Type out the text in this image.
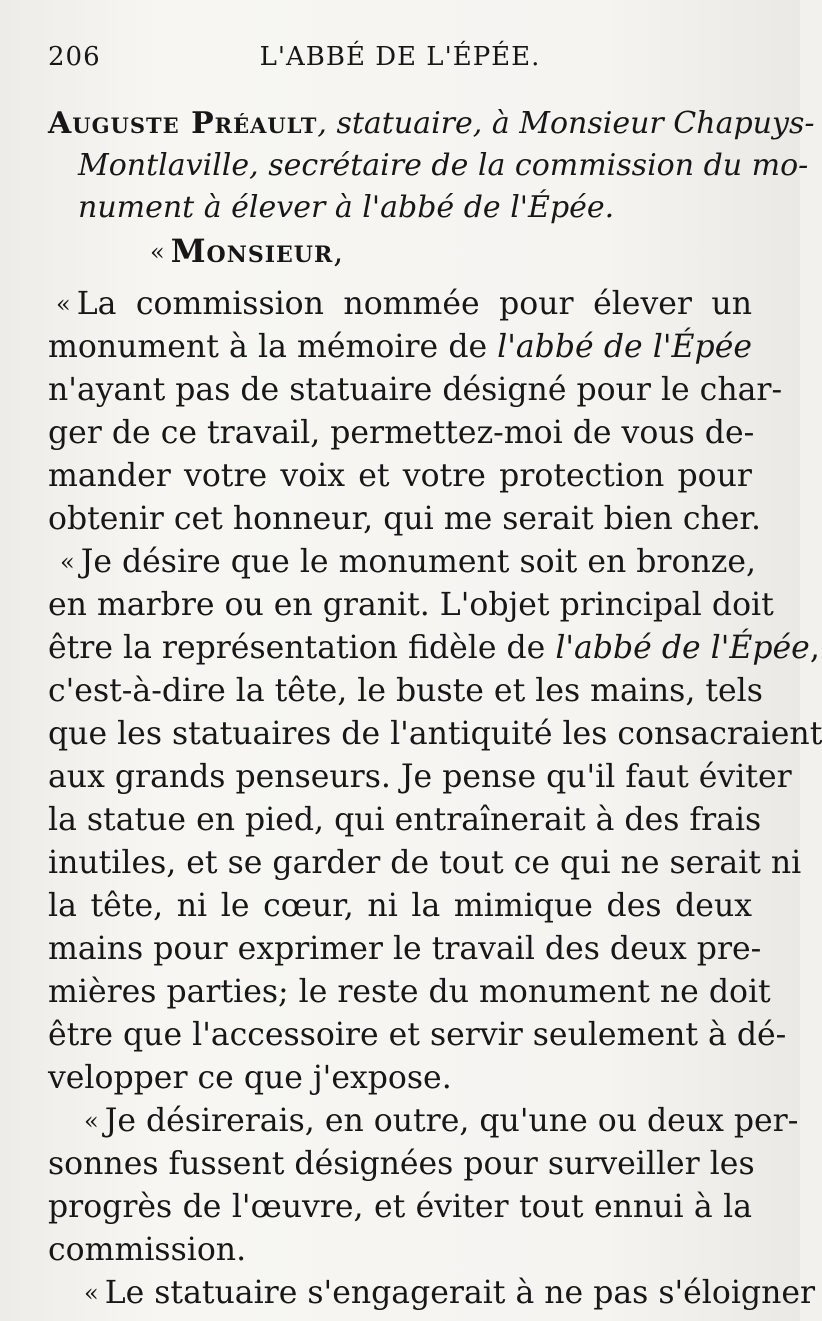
206	L'ABBÉ DE L'ÉPÉE.
Auguste Préault, statuaire, à Monsieur Chapuys-
Montlaville, secrétaire de la commission du mo-
nument à élever à l'abbé de l'Épée.
« Monsieur,
« La commission nommée pour élever un
monument à la mémoire de l'abbé de l'Épée
n'ayant pas de statuaire désigné pour le char-
ger de ce travail, permettez-moi de vous de-
mander votre voix et votre protection pour
obtenir cet honneur, qui me serait bien cher.
« Je désire que le monument soit en bronze,
en marbre ou en granit. L'objet principal doit
être la représentation fidèle de l'abbé de l'Épée,
c'est-à-dire la tête, le buste et les mains, tels
que les statuaires de l'antiquité les consacraient
aux grands penseurs. Je pense qu'il faut éviter
la statue en pied, qui entraînerait à des frais
inutiles, et se garder de tout ce qui ne serait ni
la tête, ni le cœur, ni la mimique des deux
mains pour exprimer le travail des deux pre-
mières parties; le reste du monument ne doit
être que l'accessoire et servir seulement à dé-
velopper ce que j'expose.
« Je désirerais, en outre, qu'une ou deux per-
sonnes fussent désignées pour surveiller les
progrès de l'œuvre, et éviter tout ennui à la
commission.
« Le statuaire s'engagerait à ne pas s'éloigner
